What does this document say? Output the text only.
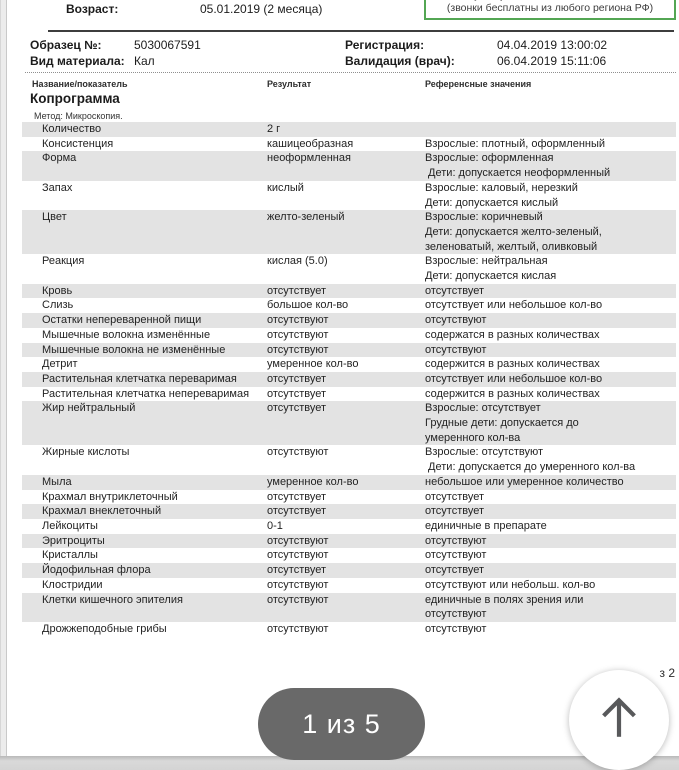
Возраст:	05.01.2019 (2 месяца)	(звонки бесплатны из любого региона РФ)
Образец №:	5030067591
Вид материала: Кал
Регистрация:	04.04.2019 13:00:02
Валидация (врач):	06.04.2019 15:11:06
Название/показатель	Результат	Референсные значения
Копрограмма
Метод: Микроскопия.
Количество	2 г
Консистенция	кашицеобразная	Взрослые: плотный, оформленный
Форма	неоформленная	Взрослые: оформленная
Дети: допускается неоформленный
Запах	кислый	Взрослые: каловый, нерезкий
Дети: допускается кислый
Цвет	желто-зеленый	Взрослые: коричневый
Дети: допускается желто-зеленый,
зеленоватый, желтый, оливковый
Реакция	кислая (5.0)	Взрослые: нейтральная
Дети: допускается кислая
Кровь	отсутствует	отсутствует
Слизь	большое кол-во	отсутствует или небольшое кол-во
Остатки непереваренной пищи	отсутствуют	отсутствуют
Мышечные волокна изменённые	отсутствуют	содержатся в разных количествах
Мышечные волокна не изменённые	отсутствуют	отсутствуют
Детрит	умеренное кол-во	содержится в разных количествах
Растительная клетчатка переваримая	отсутствует	отсутствует или небольшое кол-во
Растительная клетчатка непереваримая	отсутствует	содержится в разных количествах
Жир нейтральный	отсутствует	Взрослые: отсутствует
Грудные дети: допускается до
умеренного кол-ва
Жирные кислоты	отсутствуют	Взрослые: отсутствуют
Дети: допускается до умеренного кол-ва
Мыла	умеренное кол-во	небольшое или умеренное количество
Крахмал внутриклеточный	отсутствует	отсутствует
Крахмал внеклеточный	отсутствует	отсутствует
Лейкоциты	0-1	единичные в препарате
Эритроциты	отсутствуют	отсутствуют
Кристаллы	отсутствуют	отсутствуют
Йодофильная флора	отсутствует	отсутствует
Клостридии	отсутствуют	отсутствуют или небольш. кол-во
Клетки кишечного эпителия	отсутствуют	единичные в полях зрения или
отсутствуют
Дрожжеподобные грибы	отсутствуют	отсутствуют
з 2
1 из 5
